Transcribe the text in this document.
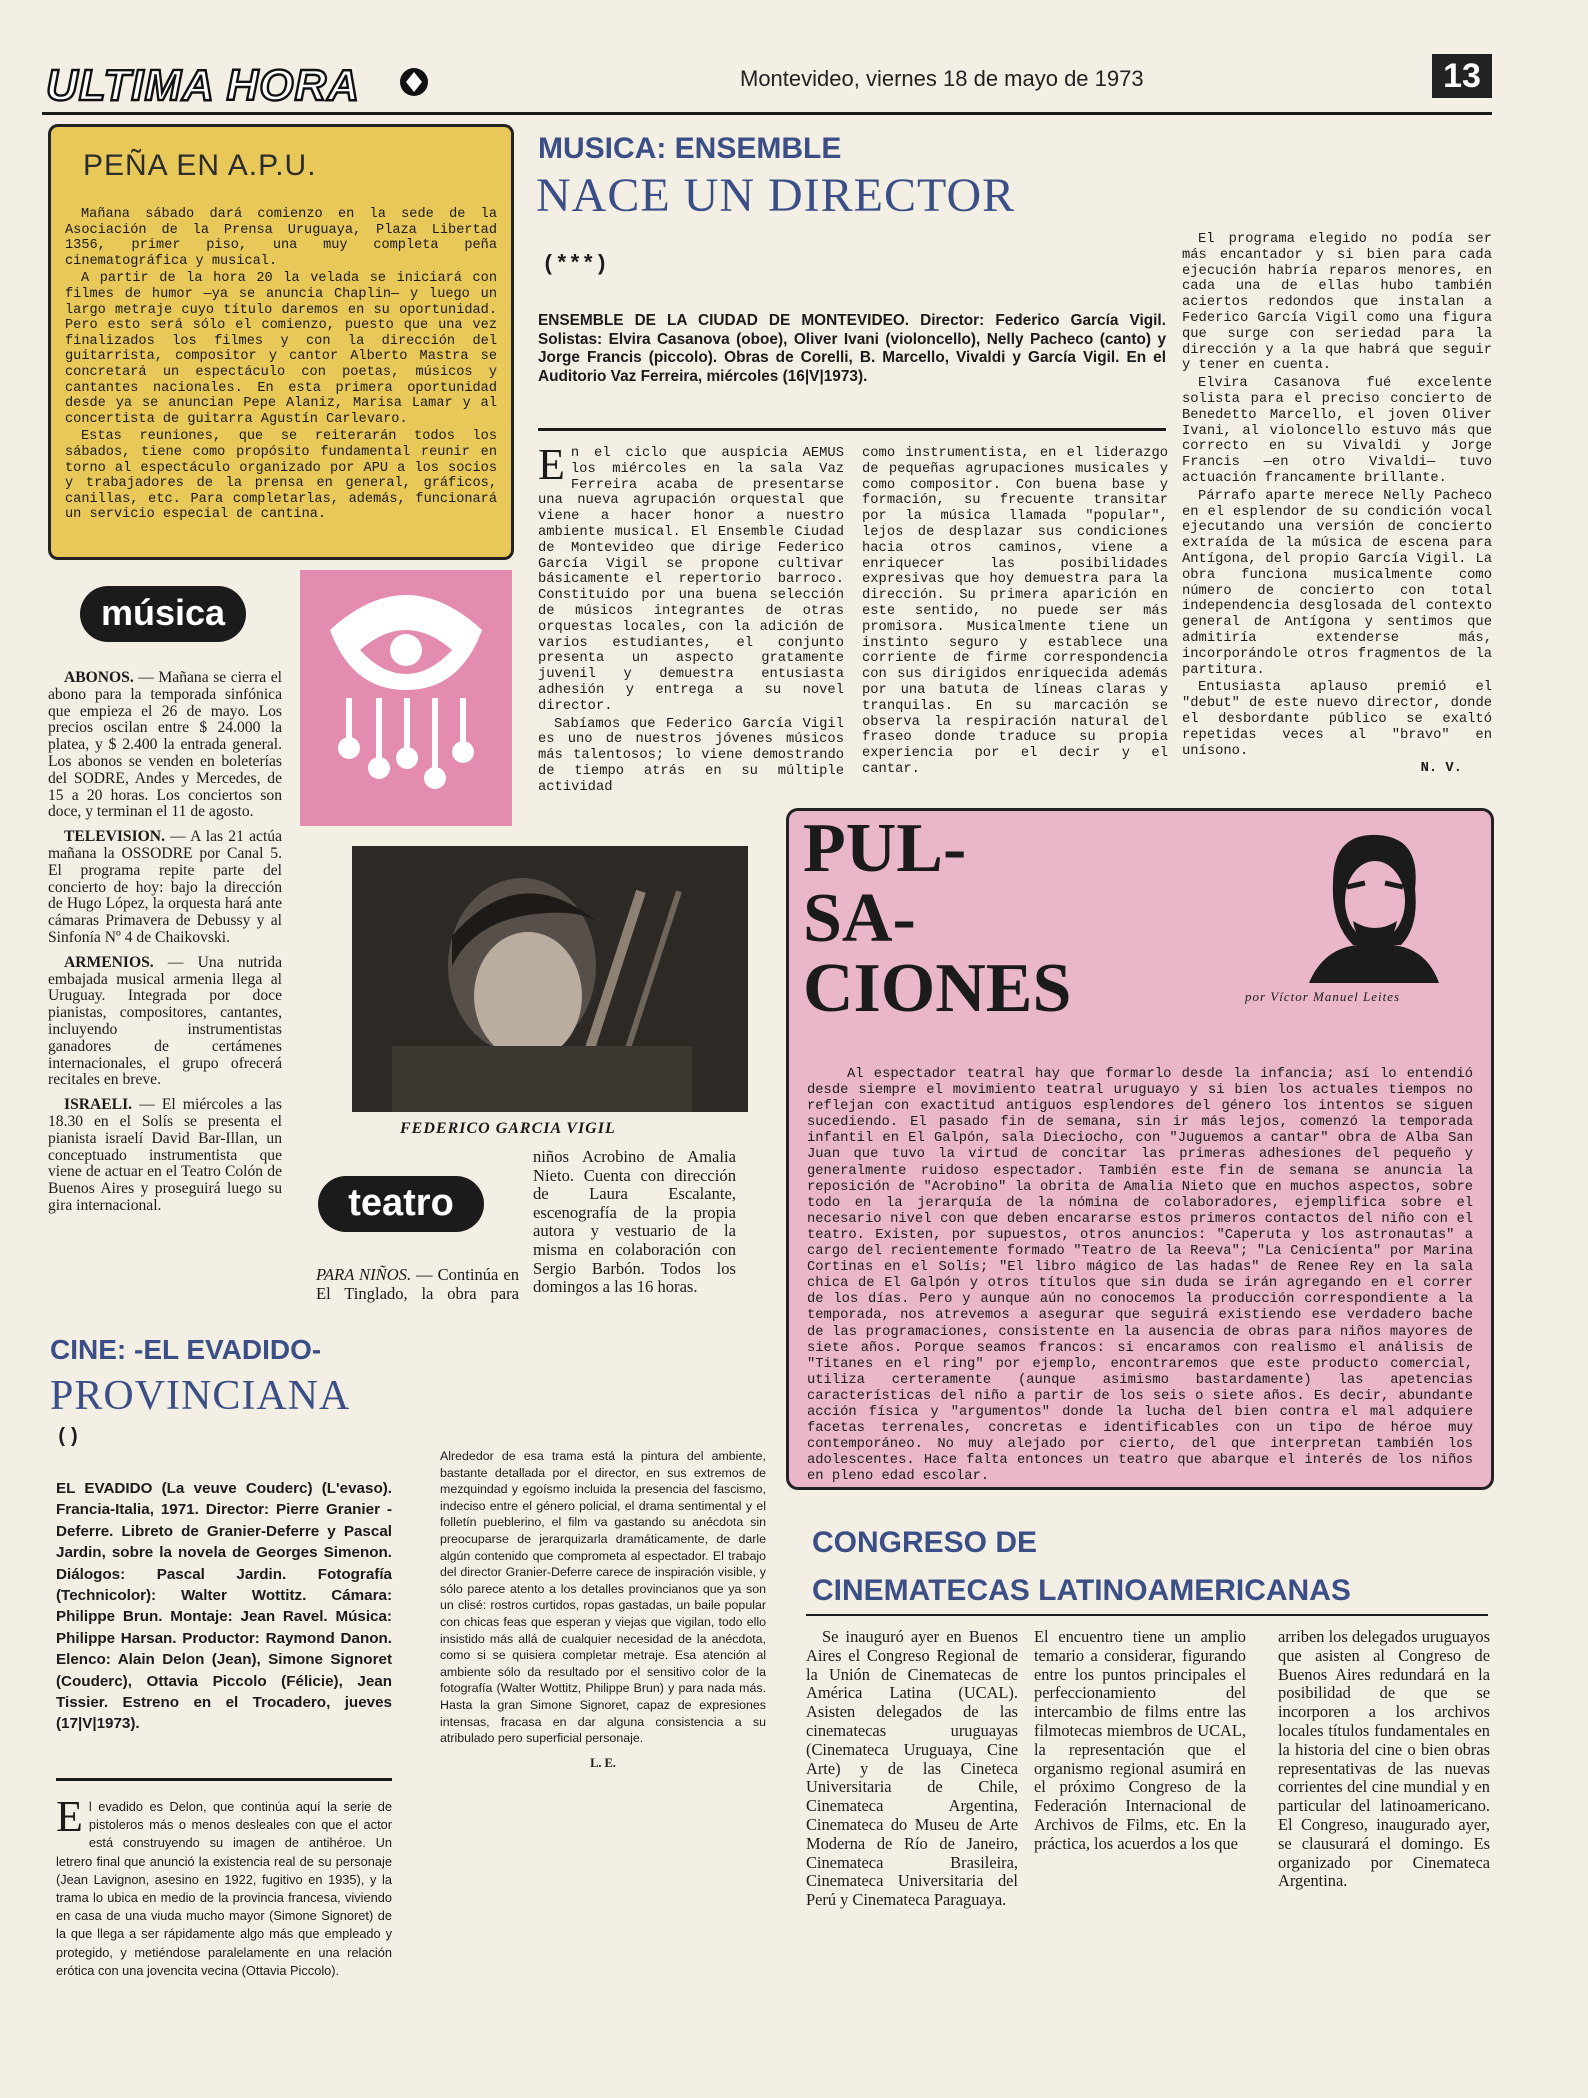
ULTIMA HORA	Montevideo, viernes 18 de mayo de 1973	13
PEÑA EN A.P.U.

Mañana sábado dará comienzo en la sede de la Asociación de la Prensa Uruguaya, Plaza Libertad 1356, primer piso, una muy completa peña cinematográfica y musical.

A partir de la hora 20 la velada se iniciará con filmes de humor —ya se anuncia Chaplin— y luego un largo metraje cuyo título daremos en su oportunidad. Pero esto será sólo el comienzo, puesto que una vez finalizados los filmes y con la dirección del guitarrista, compositor y cantor Alberto Mastra se concretará un espectáculo con poetas, músicos y cantantes nacionales. En esta primera oportunidad desde ya se anuncian Pepe Alaniz, Marisa Lamar y al concertista de guitarra Agustín Carlevaro.

Estas reuniones, que se reiterarán todos los sábados, tiene como propósito fundamental reunir en torno al espectáculo organizado por APU a los socios y trabajadores de la prensa en general, gráficos, canillas, etc. Para completarlas, además, funcionará un servicio especial de cantina.

música

ABONOS. — Mañana se cierra el abono para la temporada sinfónica que empieza el 26 de mayo. Los precios oscilan entre $ 24.000 la platea, y $ 2.400 la entrada general. Los abonos se venden en boleterías del SODRE, Andes y Mercedes, de 15 a 20 horas. Los conciertos son doce, y terminan el 11 de agosto.

TELEVISION. — A las 21 actúa mañana la OSSODRE por Canal 5. El programa repite parte del concierto de hoy: bajo la dirección de Hugo López, la orquesta hará ante cámaras Primavera de Debussy y al Sinfonía Nº 4 de Chaikovski.

ARMENIOS. — Una nutrida embajada musical armenia llega al Uruguay. Integrada por doce pianistas, compositores, cantantes, incluyendo instrumentistas ganadores de certámenes internacionales, el grupo ofrecerá recitales en breve.

ISRAELI. — El miércoles a las 18.30 en el Solís se presenta el pianista israelí David Bar-Illan, un conceptuado instrumentista que viene de actuar en el Teatro Colón de Buenos Aires y proseguirá luego su gira internacional.

FEDERICO GARCIA VIGIL
teatro

PARA NIÑOS. — Continúa en El Tinglado, la obra para niños Acrobino de Amalia Nieto. Cuenta con dirección de Laura Escalante, escenografía de la propia autora y vestuario de la misma en colaboración con Sergio Barbón. Todos los domingos a las 16 horas.

MUSICA: ENSEMBLE
NACE UN DIRECTOR
(***)
ENSEMBLE DE LA CIUDAD DE MONTEVIDEO. Director: Federico García Vigil. Solistas: Elvira Casanova (oboe), Oliver Ivani (violoncello), Nelly Pacheco (canto) y Jorge Francis (piccolo). Obras de Corelli, B. Marcello, Vivaldi y García Vigil. En el Auditorio Vaz Ferreira, miércoles (16|V|1973).

En el ciclo que auspicia AEMUS los miércoles en la sala Vaz Ferreira acaba de presentarse una nueva agrupación orquestal que viene a hacer honor a nuestro ambiente musical. El Ensemble Ciudad de Montevideo que dirige Federico García Vigil se propone cultivar básicamente el repertorio barroco. Constituido por una buena selección de músicos integrantes de otras orquestas locales, con la adición de varios estudiantes, el conjunto presenta un aspecto gratamente juvenil y demuestra entusiasta adhesión y entrega a su novel director.

Sabíamos que Federico García Vigil es uno de nuestros jóvenes músicos más talentosos; lo viene demostrando de tiempo atrás en su múltiple actividad

como instrumentista, en el liderazgo de pequeñas agrupaciones musicales y como compositor. Con buena base y formación, su frecuente transitar por la música llamada "popular", lejos de desplazar sus condiciones hacia otros caminos, viene a enriquecer las posibilidades expresivas que hoy demuestra para la dirección. Su primera aparición en este sentido, no puede ser más promisora. Musicalmente tiene un instinto seguro y establece una corriente de firme correspondencia con sus dirigidos enriquecida además por una batuta de líneas claras y tranquilas. En su marcación se observa la respiración natural del fraseo donde traduce su propia experiencia por el decir y el cantar.

El programa elegido no podía ser más encantador y si bien para cada ejecución habría reparos menores, en cada una de ellas hubo también aciertos redondos que instalan a Federico García Vigil como una figura que surge con seriedad para la dirección y a la que habrá que seguir y tener en cuenta.

Elvira Casanova fué excelente solista para el preciso concierto de Benedetto Marcello, el joven Oliver Ivani, al violoncello estuvo más que correcto en su Vivaldi y Jorge Francis —en otro Vivaldi— tuvo actuación francamente brillante.

Párrafo aparte merece Nelly Pacheco en el esplendor de su condición vocal ejecutando una versión de concierto extraída de la música de escena para Antígona, del propio García Vigil. La obra funciona musicalmente como número de concierto con total independencia desglosada del contexto general de Antígona y sentimos que admitiría extenderse más, incorporándole otros fragmentos de la partitura.

Entusiasta aplauso premió el "debut" de este nuevo director, donde el desbordante público se exaltó repetidas veces al "bravo" en unísono.

N. V.
PUL-
SA-
CIONES	por Víctor Manuel Leites
Al espectador teatral hay que formarlo desde la infancia; así lo entendió desde siempre el movimiento teatral uruguayo y si bien los actuales tiempos no reflejan con exactitud antiguos esplendores del género los intentos se siguen sucediendo. El pasado fin de semana, sin ir más lejos, comenzó la temporada infantil en El Galpón, sala Dieciocho, con "Juguemos a cantar" obra de Alba San Juan que tuvo la virtud de concitar las primeras adhesiones del pequeño y generalmente ruidoso espectador. También este fin de semana se anuncia la reposición de "Acrobino" la obrita de Amalia Nieto que en muchos aspectos, sobre todo en la jerarquía de la nómina de colaboradores, ejemplifica sobre el necesario nivel con que deben encararse estos primeros contactos del niño con el teatro. Existen, por supuestos, otros anuncios: "Caperuta y los astronautas" a cargo del recientemente formado "Teatro de la Reeva"; "La Cenicienta" por Marina Cortinas en el Solís; "El libro mágico de las hadas" de Renee Rey en la sala chica de El Galpón y otros títulos que sin duda se irán agregando en el correr de los días. Pero y aunque aún no conocemos la producción correspondiente a la temporada, nos atrevemos a asegurar que seguirá existiendo ese verdadero bache de las programaciones, consistente en la ausencia de obras para niños mayores de siete años. Porque seamos francos: si encaramos con realismo el análisis de "Titanes en el ring" por ejemplo, encontraremos que este producto comercial, utiliza certeramente (aunque asimismo bastardamente) las apetencias características del niño a partir de los seis o siete años. Es decir, abundante acción física y "argumentos" donde la lucha del bien contra el mal adquiere facetas terrenales, concretas e identificables con un tipo de héroe muy contemporáneo. No muy alejado por cierto, del que interpretan también los adolescentes. Hace falta entonces un teatro que abarque el interés de los niños en pleno edad escolar.
CINE: -EL EVADIDO-
PROVINCIANA
()
EL EVADIDO (La veuve Couderc) (L'evaso). Francia-Italia, 1971. Director: Pierre Granier - Deferre. Libreto de Granier-Deferre y Pascal Jardin, sobre la novela de Georges Simenon. Diálogos: Pascal Jardin. Fotografía (Technicolor): Walter Wottitz. Cámara: Philippe Brun. Montaje: Jean Ravel. Música: Philippe Harsan. Productor: Raymond Danon. Elenco: Alain Delon (Jean), Simone Signoret (Couderc), Ottavia Piccolo (Félicie), Jean Tissier. Estreno en el Trocadero, jueves (17|V|1973).
El evadido es Delon, que continúa aquí la serie de pistoleros más o menos desleales con que el actor está construyendo su imagen de antihéroe. Un letrero final que anunció la existencia real de su personaje (Jean Lavignon, asesino en 1922, fugitivo en 1935), y la trama lo ubica en medio de la provincia francesa, viviendo en casa de una viuda mucho mayor (Simone Signoret) de la que llega a ser rápidamente algo más que empleado y protegido, y metiéndose paralelamente en una relación erótica con una jovencita vecina (Ottavia Piccolo).

Alrededor de esa trama está la pintura del ambiente, bastante detallada por el director, en sus extremos de mezquindad y egoísmo incluida la presencia del fascismo, indeciso entre el género policial, el drama sentimental y el folletín pueblerino, el film va gastando su anécdota sin preocuparse de jerarquizarla dramáticamente, de darle algún contenido que comprometa al espectador. El trabajo del director Granier-Deferre carece de inspiración visible, y sólo parece atento a los detalles provincianos que ya son un clisé: rostros curtidos, ropas gastadas, un baile popular con chicas feas que esperan y viejas que vigilan, todo ello insistido más allá de cualquier necesidad de la anécdota, como si se quisiera completar metraje. Esa atención al ambiente sólo da resultado por el sensitivo color de la fotografía (Walter Wottitz, Philippe Brun) y para nada más. Hasta la gran Simone Signoret, capaz de expresiones intensas, fracasa en dar alguna consistencia a su atribulado pero superficial personaje.

L. E.
CONGRESO DE
CINEMATECAS LATINOAMERICANAS
Se inauguró ayer en Buenos Aires el Congreso Regional de la Unión de Cinematecas de América Latina (UCAL). Asisten delegados de las cinematecas uruguayas (Cinemateca Uruguaya, Cine Arte) y de las Cineteca Universitaria de Chile, Cinemateca Argentina, Cinemateca do Museu de Arte Moderna de Río de Janeiro, Cinemateca Brasileira, Cinemateca Universitaria del Perú y Cinemateca Paraguaya.
El encuentro tiene un amplio temario a considerar, figurando entre los puntos principales el perfeccionamiento del intercambio de films entre las filmotecas miembros de UCAL, la representación que el organismo regional asumirá en el próximo Congreso de la Federación Internacional de Archivos de Films, etc. En la práctica, los acuerdos a los que
arriben los delegados uruguayos que asisten al Congreso de Buenos Aires redundará en la posibilidad de que se incorporen a los archivos locales títulos fundamentales en la historia del cine o bien obras representativas de las nuevas corrientes del cine mundial y en particular del latinoamericano. El Congreso, inaugurado ayer, se clausurará el domingo. Es organizado por Cinemateca Argentina.
